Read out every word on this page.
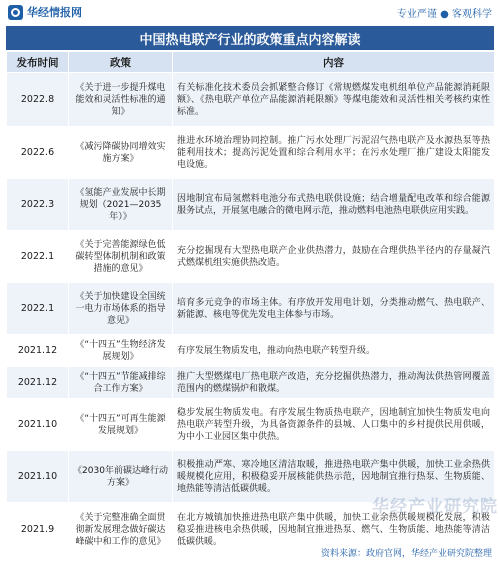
华经情报网	专业严谨 ● 客观科学
中国热电联产行业的政策重点内容解读
发布时间	政策	内容
2022.8	《关于进一步提升煤电能效和灵活性标准的通知》	有关标准化技术委员会抓紧整合修订《常规燃煤发电机组单位产品能源消耗限额》、《热电联产单位产品能源消耗限额》等煤电能效和灵活性相关考核约束性标准。
2022.6	《减污降碳协同增效实施方案》	推进水环境治理协同控制。推广污水处理厂污泥沼气热电联产及水源热泵等热能利用技术；提高污泥处置和综合利用水平；在污水处理厂推广建设太阳能发电设施。
2022.3	《氢能产业发展中长期规划（2021—2035年）》	因地制宜布局氢燃料电池分布式热电联供设施；结合增量配电改革和综合能源服务试点，开展氢电融合的微电网示范，推动燃料电池热电联供应用实践。
2022.1	《关于完善能源绿色低碳转型体制机制和政策措施的意见》	充分挖掘现有大型热电联产企业供热潜力，鼓励在合理供热半径内的存量凝汽式燃煤机组实施供热改造。
2022.1	《关于加快建设全国统一电力市场体系的指导意见》	培育多元竞争的市场主体。有序放开发用电计划，分类推动燃气、热电联产、新能源、核电等优先发电主体参与市场。
2021.12	《“十四五”生物经济发展规划》	有序发展生物质发电，推动向热电联产转型升级。
2021.12	《“十四五”节能减排综合工作方案》	推广大型燃煤电厂热电联产改造，充分挖掘供热潜力，推动淘汰供热管网覆盖范围内的燃煤锅炉和散煤。
2021.10	《“十四五”可再生能源发展规划》	稳步发展生物质发电。有序发展生物质热电联产，因地制宜加快生物质发电向热电联产转型升级，为具备资源条件的县城、人口集中的乡村提供民用供暖，为中小工业园区集中供热。
2021.10	《2030年前碳达峰行动方案》	积极推动严寒、寒冷地区清洁取暖，推进热电联产集中供暖，加快工业余热供暖规模化应用，积极稳妥开展核能供热示范，因地制宜推行热泵、生物质能、地热能等清洁低碳供暖。
2021.9	《关于完整准确全面贯彻新发展理念做好碳达峰碳中和工作的意见》	在北方城镇加快推进热电联产集中供暖，加快工业余热供暖规模化发展，积极稳妥推进核电余热供暖，因地制宜推进热泵、燃气、生物质能、地热能等清洁低碳供暖。
华经产业研究院
资料来源：政府官网，华经产业研究院整理
